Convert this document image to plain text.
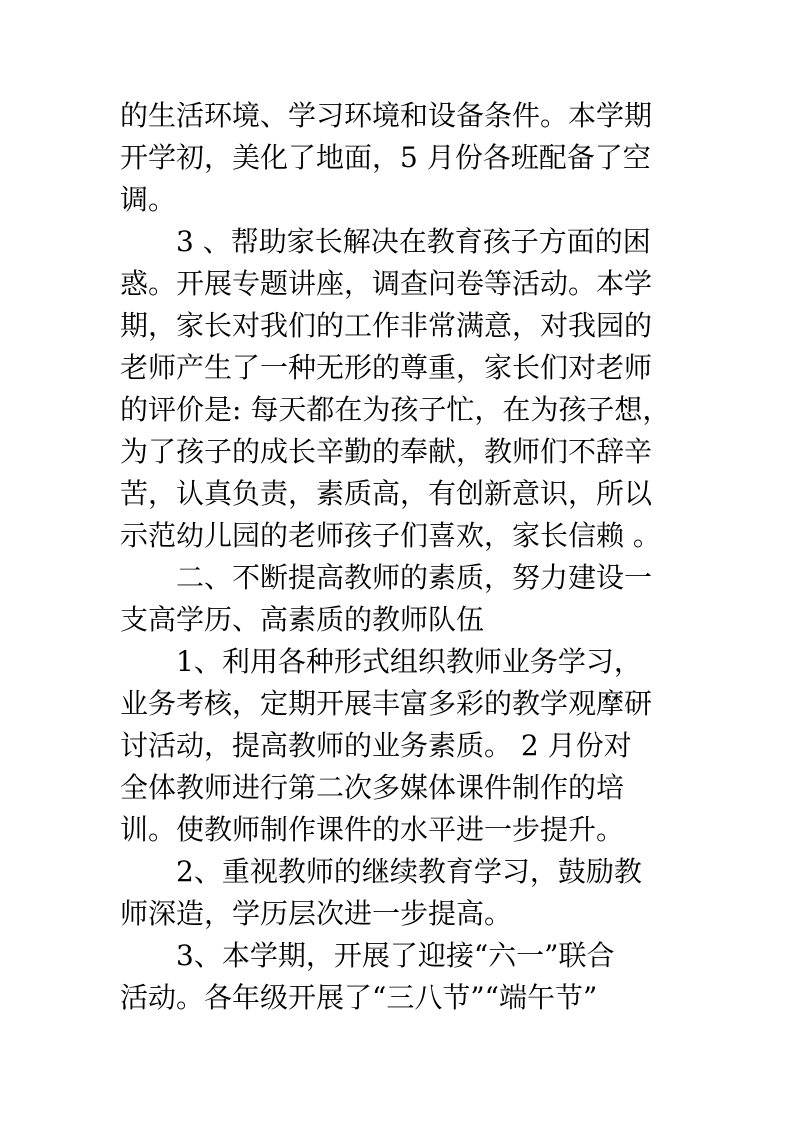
的生活环境、学习环境和设备条件。本学期
开学初，美化了地面，5 月份各班配备了空
调。
3 、帮助家长解决在教育孩子方面的困
惑。开展专题讲座，调查问卷等活动。本学
期，家长对我们的工作非常满意，对我园的
老师产生了一种无形的尊重，家长们对老师
的评价是: 每天都在为孩子忙，在为孩子想，
为了孩子的成长辛勤的奉献，教师们不辞辛
苦，认真负责，素质高，有创新意识，所以
示范幼儿园的老师孩子们喜欢，家长信赖 。
二、不断提高教师的素质，努力建设一
支高学历、高素质的教师队伍
1、利用各种形式组织教师业务学习，
业务考核，定期开展丰富多彩的教学观摩研
讨活动，提高教师的业务素质。 2 月份对
全体教师进行第二次多媒体课件制作的培
训。使教师制作课件的水平进一步提升。
2、重视教师的继续教育学习，鼓励教
师深造，学历层次进一步提高。
3、本学期，开展了迎接“六一”联合
活动。各年级开展了“三八节”“端午节”
